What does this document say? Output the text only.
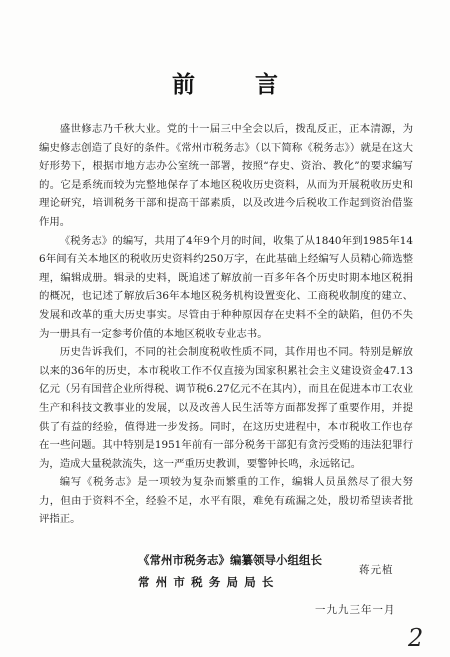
前 言

盛世修志乃千秋大业。党的十一届三中全会以后，拨乱反正，正本清源，为编史修志创造了良好的条件。《常州市税务志》（以下简称《税务志》）就是在这大好形势下，根据市地方志办公室统一部署，按照“存史、资治、教化”的要求编写的。它是系统而较为完整地保存了本地区税收历史资料，从而为开展税收历史和理论研究，培训税务干部和提高干部素质，以及改进今后税收工作起到资治借鉴作用。

《税务志》的编写，共用了4年9个月的时间，收集了从1840年到1985年146年间有关本地区的税收历史资料约250万字，在此基础上经编写人员精心筛选整理，编辑成册。辑录的史料，既追述了解放前一百多年各个历史时期本地区税捐的概况，也记述了解放后36年本地区税务机构设置变化、工商税收制度的建立、发展和改革的重大历史事实。尽管由于种种原因存在史料不全的缺陷，但仍不失为一册具有一定参考价值的本地区税收专业志书。

历史告诉我们，不同的社会制度税收性质不同，其作用也不同。特别是解放以来的36年的历史，本市税收工作不仅直接为国家积累社会主义建设资金47.13亿元（另有国营企业所得税、调节税6.27亿元不在其内），而且在促进本市工农业生产和科技文教事业的发展，以及改善人民生活等方面都发挥了重要作用，并提供了有益的经验，值得进一步发扬。同时，在这历史进程中，本市税收工作也存在一些问题。其中特别是1951年前有一部分税务干部犯有贪污受贿的违法犯罪行为，造成大量税款流失，这一严重历史教训，要警钟长鸣，永远铭记。

编写《税务志》是一项较为复杂而繁重的工作，编辑人员虽然尽了很大努力，但由于资料不全，经验不足，水平有限，难免有疏漏之处，殷切希望读者批评指正。

《常州市税务志》编纂领导小组组长
常州市税务局局长
蒋元植
一九九三年一月
2
